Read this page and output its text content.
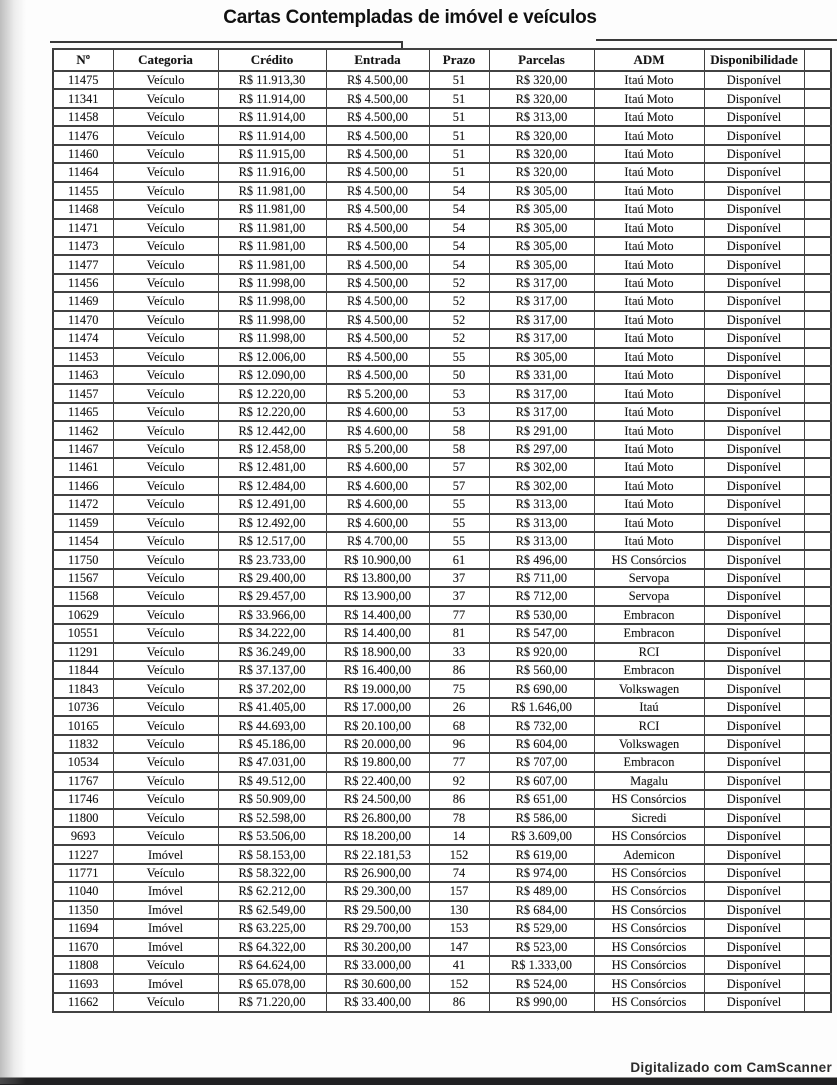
Cartas Contempladas de imóvel e veículos
Nº	Categoria	Crédito	Entrada	Prazo	Parcelas	ADM	Disponibilidade	
11475	Veículo	R$ 11.913,30	R$ 4.500,00	51	R$ 320,00	Itaú Moto	Disponível	
11341	Veículo	R$ 11.914,00	R$ 4.500,00	51	R$ 320,00	Itaú Moto	Disponível	
11458	Veículo	R$ 11.914,00	R$ 4.500,00	51	R$ 313,00	Itaú Moto	Disponível	
11476	Veículo	R$ 11.914,00	R$ 4.500,00	51	R$ 320,00	Itaú Moto	Disponível	
11460	Veículo	R$ 11.915,00	R$ 4.500,00	51	R$ 320,00	Itaú Moto	Disponível	
11464	Veículo	R$ 11.916,00	R$ 4.500,00	51	R$ 320,00	Itaú Moto	Disponível	
11455	Veículo	R$ 11.981,00	R$ 4.500,00	54	R$ 305,00	Itaú Moto	Disponível	
11468	Veículo	R$ 11.981,00	R$ 4.500,00	54	R$ 305,00	Itaú Moto	Disponível	
11471	Veículo	R$ 11.981,00	R$ 4.500,00	54	R$ 305,00	Itaú Moto	Disponível	
11473	Veículo	R$ 11.981,00	R$ 4.500,00	54	R$ 305,00	Itaú Moto	Disponível	
11477	Veículo	R$ 11.981,00	R$ 4.500,00	54	R$ 305,00	Itaú Moto	Disponível	
11456	Veículo	R$ 11.998,00	R$ 4.500,00	52	R$ 317,00	Itaú Moto	Disponível	
11469	Veículo	R$ 11.998,00	R$ 4.500,00	52	R$ 317,00	Itaú Moto	Disponível	
11470	Veículo	R$ 11.998,00	R$ 4.500,00	52	R$ 317,00	Itaú Moto	Disponível	
11474	Veículo	R$ 11.998,00	R$ 4.500,00	52	R$ 317,00	Itaú Moto	Disponível	
11453	Veículo	R$ 12.006,00	R$ 4.500,00	55	R$ 305,00	Itaú Moto	Disponível	
11463	Veículo	R$ 12.090,00	R$ 4.500,00	50	R$ 331,00	Itaú Moto	Disponível	
11457	Veículo	R$ 12.220,00	R$ 5.200,00	53	R$ 317,00	Itaú Moto	Disponível	
11465	Veículo	R$ 12.220,00	R$ 4.600,00	53	R$ 317,00	Itaú Moto	Disponível	
11462	Veículo	R$ 12.442,00	R$ 4.600,00	58	R$ 291,00	Itaú Moto	Disponível	
11467	Veículo	R$ 12.458,00	R$ 5.200,00	58	R$ 297,00	Itaú Moto	Disponível	
11461	Veículo	R$ 12.481,00	R$ 4.600,00	57	R$ 302,00	Itaú Moto	Disponível	
11466	Veículo	R$ 12.484,00	R$ 4.600,00	57	R$ 302,00	Itaú Moto	Disponível	
11472	Veículo	R$ 12.491,00	R$ 4.600,00	55	R$ 313,00	Itaú Moto	Disponível	
11459	Veículo	R$ 12.492,00	R$ 4.600,00	55	R$ 313,00	Itaú Moto	Disponível	
11454	Veículo	R$ 12.517,00	R$ 4.700,00	55	R$ 313,00	Itaú Moto	Disponível	
11750	Veículo	R$ 23.733,00	R$ 10.900,00	61	R$ 496,00	HS Consórcios	Disponível	
11567	Veículo	R$ 29.400,00	R$ 13.800,00	37	R$ 711,00	Servopa	Disponível	
11568	Veículo	R$ 29.457,00	R$ 13.900,00	37	R$ 712,00	Servopa	Disponível	
10629	Veículo	R$ 33.966,00	R$ 14.400,00	77	R$ 530,00	Embracon	Disponível	
10551	Veículo	R$ 34.222,00	R$ 14.400,00	81	R$ 547,00	Embracon	Disponível	
11291	Veículo	R$ 36.249,00	R$ 18.900,00	33	R$ 920,00	RCI	Disponível	
11844	Veículo	R$ 37.137,00	R$ 16.400,00	86	R$ 560,00	Embracon	Disponível	
11843	Veículo	R$ 37.202,00	R$ 19.000,00	75	R$ 690,00	Volkswagen	Disponível	
10736	Veículo	R$ 41.405,00	R$ 17.000,00	26	R$ 1.646,00	Itaú	Disponível	
10165	Veículo	R$ 44.693,00	R$ 20.100,00	68	R$ 732,00	RCI	Disponível	
11832	Veículo	R$ 45.186,00	R$ 20.000,00	96	R$ 604,00	Volkswagen	Disponível	
10534	Veículo	R$ 47.031,00	R$ 19.800,00	77	R$ 707,00	Embracon	Disponível	
11767	Veículo	R$ 49.512,00	R$ 22.400,00	92	R$ 607,00	Magalu	Disponível	
11746	Veículo	R$ 50.909,00	R$ 24.500,00	86	R$ 651,00	HS Consórcios	Disponível	
11800	Veículo	R$ 52.598,00	R$ 26.800,00	78	R$ 586,00	Sicredi	Disponível	
9693	Veículo	R$ 53.506,00	R$ 18.200,00	14	R$ 3.609,00	HS Consórcios	Disponível	
11227	Imóvel	R$ 58.153,00	R$ 22.181,53	152	R$ 619,00	Ademicon	Disponível	
11771	Veículo	R$ 58.322,00	R$ 26.900,00	74	R$ 974,00	HS Consórcios	Disponível	
11040	Imóvel	R$ 62.212,00	R$ 29.300,00	157	R$ 489,00	HS Consórcios	Disponível	
11350	Imóvel	R$ 62.549,00	R$ 29.500,00	130	R$ 684,00	HS Consórcios	Disponível	
11694	Imóvel	R$ 63.225,00	R$ 29.700,00	153	R$ 529,00	HS Consórcios	Disponível	
11670	Imóvel	R$ 64.322,00	R$ 30.200,00	147	R$ 523,00	HS Consórcios	Disponível	
11808	Veículo	R$ 64.624,00	R$ 33.000,00	41	R$ 1.333,00	HS Consórcios	Disponível	
11693	Imóvel	R$ 65.078,00	R$ 30.600,00	152	R$ 524,00	HS Consórcios	Disponível	
11662	Veículo	R$ 71.220,00	R$ 33.400,00	86	R$ 990,00	HS Consórcios	Disponível	
Digitalizado com CamScanner
